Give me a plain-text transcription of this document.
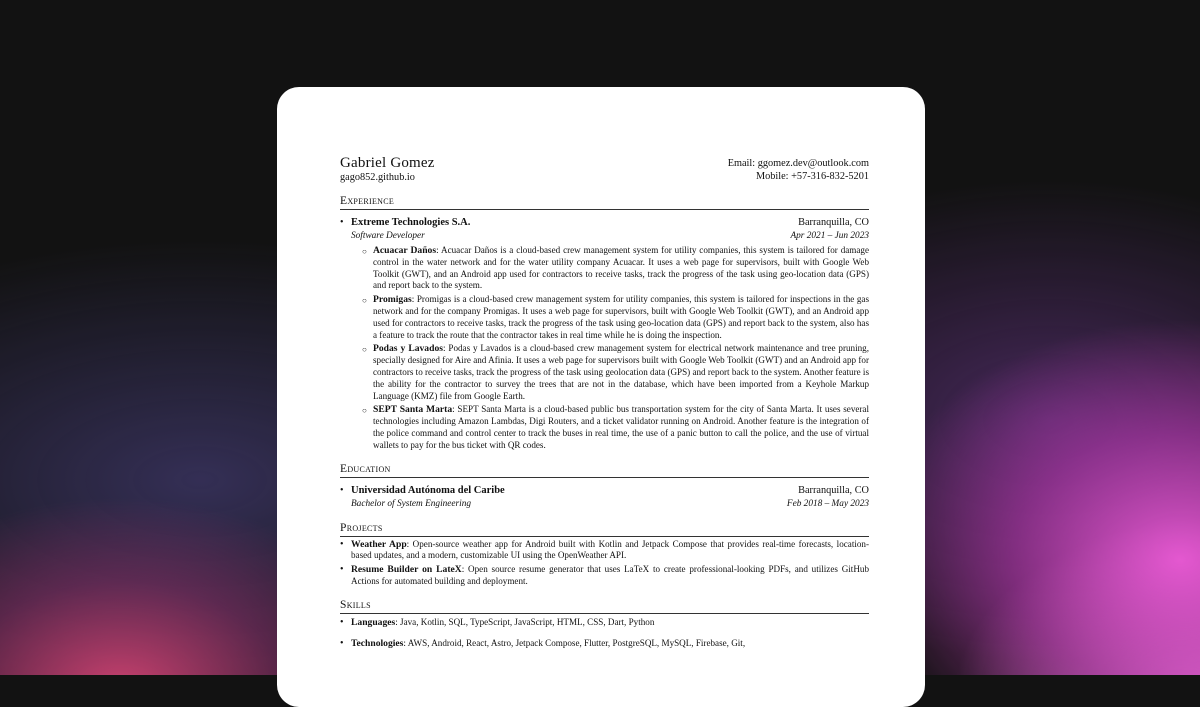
Gabriel Gomez
gago852.github.io
Email: ggomez.dev@outlook.com
Mobile: +57-316-832-5201
Experience
• Extreme Technologies S.A.	Barranquilla, CO
Software Developer	Apr 2021 – Jun 2023
○ Acuacar Daños: Acuacar Daños is a cloud-based crew management system for utility companies, this system is tailored for damage control in the water network and for the water utility company Acuacar. It uses a web page for supervisors, built with Google Web Toolkit (GWT), and an Android app used for contractors to receive tasks, track the progress of the task using geo-location data (GPS) and report back to the system.
○ Promigas: Promigas is a cloud-based crew management system for utility companies, this system is tailored for inspections in the gas network and for the company Promigas. It uses a web page for supervisors, built with Google Web Toolkit (GWT), and an Android app used for contractors to receive tasks, track the progress of the task using geo-location data (GPS) and report back to the system, also has a feature to track the route that the contractor takes in real time while he is doing the inspection.
○ Podas y Lavados: Podas y Lavados is a cloud-based crew management system for electrical network maintenance and tree pruning, specially designed for Aire and Afinia. It uses a web page for supervisors built with Google Web Toolkit (GWT) and an Android app for contractors to receive tasks, track the progress of the task using geolocation data (GPS) and report back to the system. Another feature is the ability for the contractor to survey the trees that are not in the database, which have been imported from a Keyhole Markup Language (KMZ) file from Google Earth.
○ SEPT Santa Marta: SEPT Santa Marta is a cloud-based public bus transportation system for the city of Santa Marta. It uses several technologies including Amazon Lambdas, Digi Routers, and a ticket validator running on Android. Another feature is the integration of the police command and control center to track the buses in real time, the use of a panic button to call the police, and the use of virtual wallets to pay for the bus ticket with QR codes.
Education
• Universidad Autónoma del Caribe	Barranquilla, CO
Bachelor of System Engineering	Feb 2018 – May 2023
Projects
• Weather App: Open-source weather app for Android built with Kotlin and Jetpack Compose that provides real-time forecasts, location-based updates, and a modern, customizable UI using the OpenWeather API.
• Resume Builder on LateX: Open source resume generator that uses LaTeX to create professional-looking PDFs, and utilizes GitHub Actions for automated building and deployment.
Skills
• Languages: Java, Kotlin, SQL, TypeScript, JavaScript, HTML, CSS, Dart, Python
• Technologies: AWS, Android, React, Astro, Jetpack Compose, Flutter, PostgreSQL, MySQL, Firebase, Git,
